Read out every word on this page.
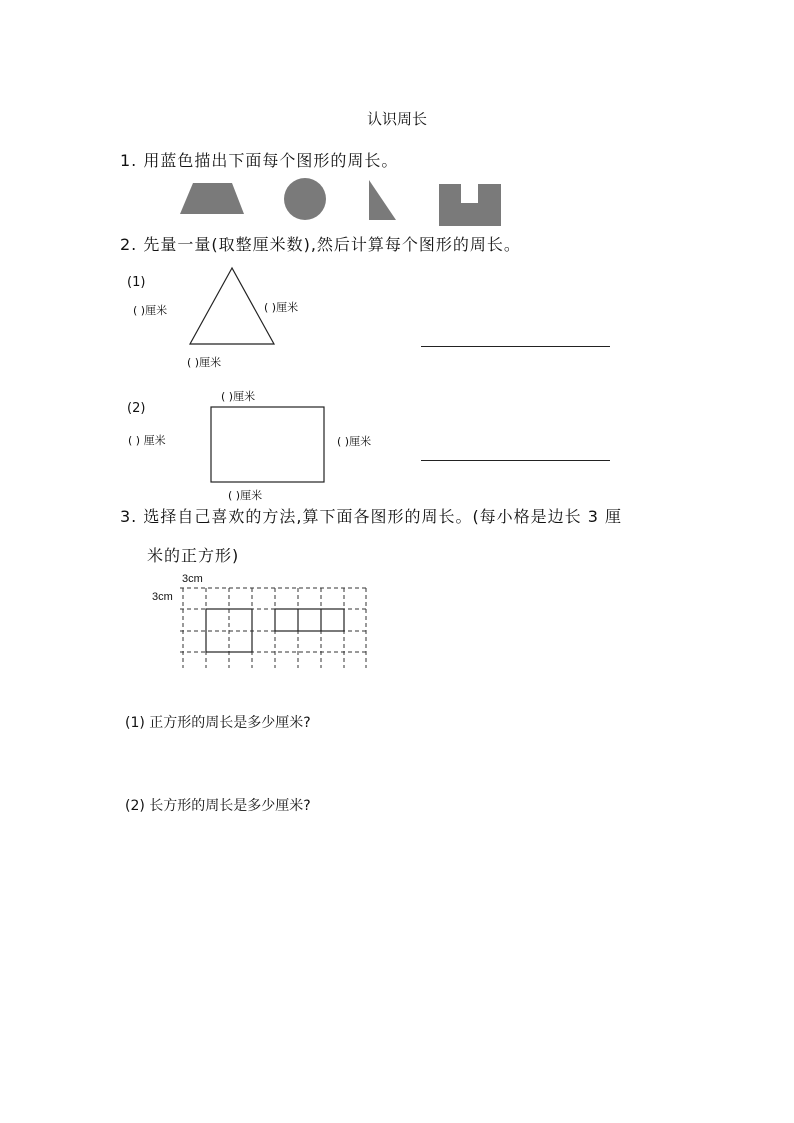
认识周长
1. 用蓝色描出下面每个图形的周长。
2. 先量一量(取整厘米数),然后计算每个图形的周长。
(1)
( )厘米	( )厘米
( )厘米
( )厘米
(2)
( ) 厘米	( )厘米
( )厘米
3. 选择自己喜欢的方法,算下面各图形的周长。(每小格是边长 3 厘
米的正方形)
3cm
3cm
(1) 正方形的周长是多少厘米?
(2) 长方形的周长是多少厘米?
